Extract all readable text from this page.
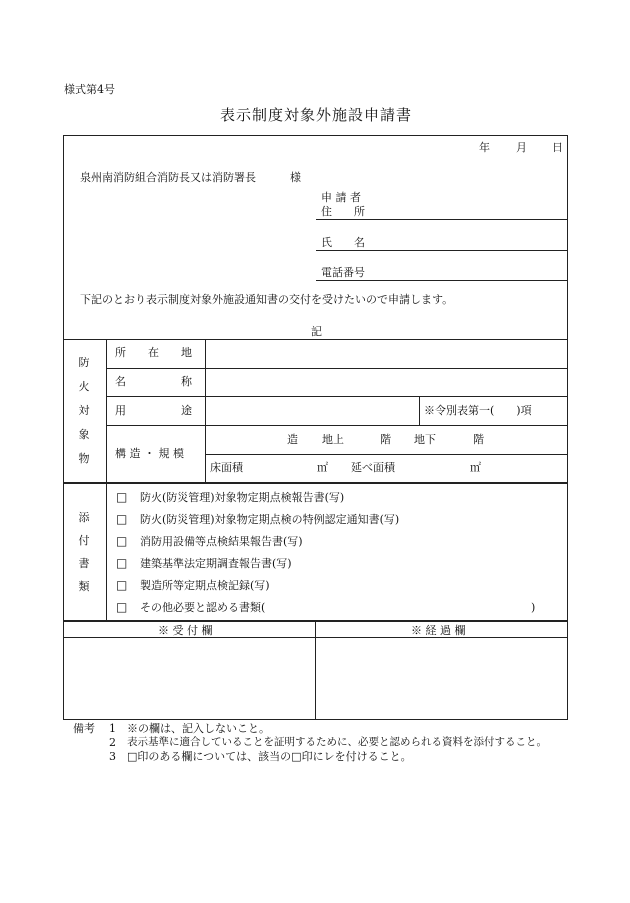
様式第4号
表示制度対象外施設申請書
年 月 日
泉州南消防組合消防長又は消防署長	様
申 請 者
住　　所
氏　　名
電話番号
下記のとおり表示制度対象外施設通知書の交付を受けたいので申請します。
記
防
火
対
象
物
所　　在　　地
名　　　　　称
用　　　　　途	※令別表第一(　　)項
構 造 ・ 規 模
造 地上	階 地下	階
床面積	㎡ 延べ面積	㎡
添
付
書
類
□ 防火(防災管理)対象物定期点検報告書(写)
□ 防火(防災管理)対象物定期点検の特例認定通知書(写)
□ 消防用設備等点検結果報告書(写)
□ 建築基準法定期調査報告書(写)
□ 製造所等定期点検記録(写)
□ その他必要と認める書類(	)
※ 受 付 欄	※ 経 過 欄
備考 1 ※の欄は、記入しないこと。
2 表示基準に適合していることを証明するために、必要と認められる資料を添付すること。
3 □印のある欄については、該当の□印にレを付けること。
